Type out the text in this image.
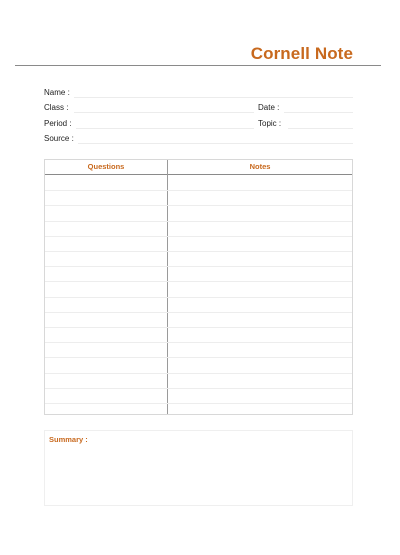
Cornell Note
Name :
Class :	Date :
Period :	Topic :
Source :
Questions	Notes
Summary :
